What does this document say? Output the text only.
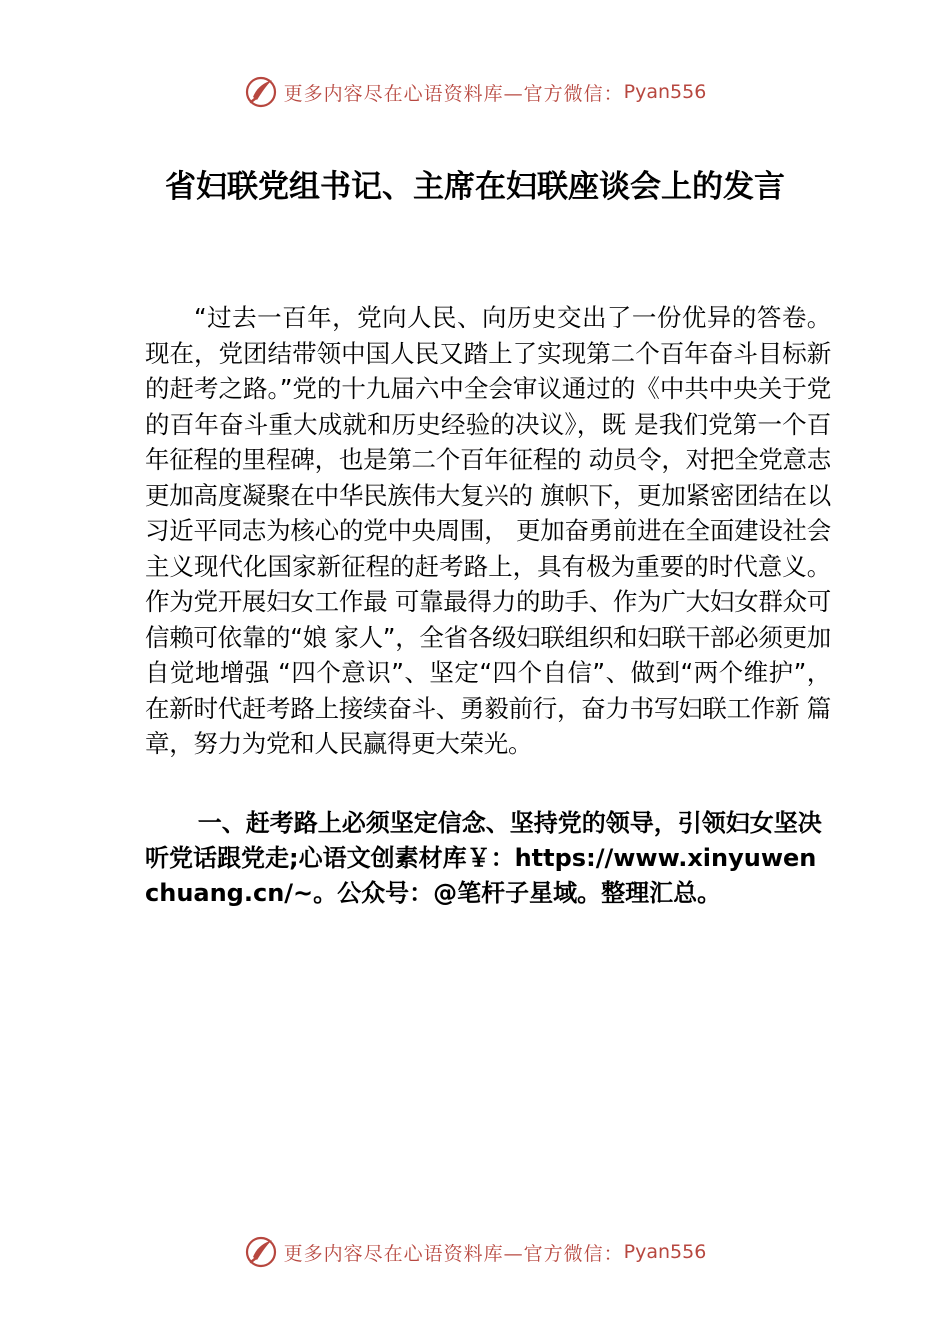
更多内容尽在心语资料库—官方微信： Pyan556
省妇联党组书记、主席在妇联座谈会上的发言

“过去一百年，党向人民、向历史交出了一份优异的答卷。现在，党团结带领中国人民又踏上了实现第二个百年奋斗目标新的赶考之路。”党的十九届六中全会审议通过的《中共中央关于党的百年奋斗重大成就和历史经验的决议》，既 是我们党第一个百年征程的里程碑，也是第二个百年征程的 动员令，对把全党意志更加高度凝聚在中华民族伟大复兴的 旗帜下，更加紧密团结在以习近平同志为核心的党中央周围， 更加奋勇前进在全面建设社会主义现代化国家新征程的赶考路上，具有极为重要的时代意义。作为党开展妇女工作最 可靠最得力的助手、作为广大妇女群众可信赖可依靠的“娘 家人”，全省各级妇联组织和妇联干部必须更加自觉地增强 “四个意识”、坚定“四个自信”、做到“两个维护”，在新时代赶考路上接续奋斗、勇毅前行，奋力书写妇联工作新 篇章，努力为党和人民赢得更大荣光。

一、赶考路上必须坚定信念、坚持党的领导，引领妇女坚决听党话跟党走;心语文创素材库￥：https://www.xinyuwenchuang.cn/~。公众号：@笔杆子星域。整理汇总。

更多内容尽在心语资料库—官方微信： Pyan556
